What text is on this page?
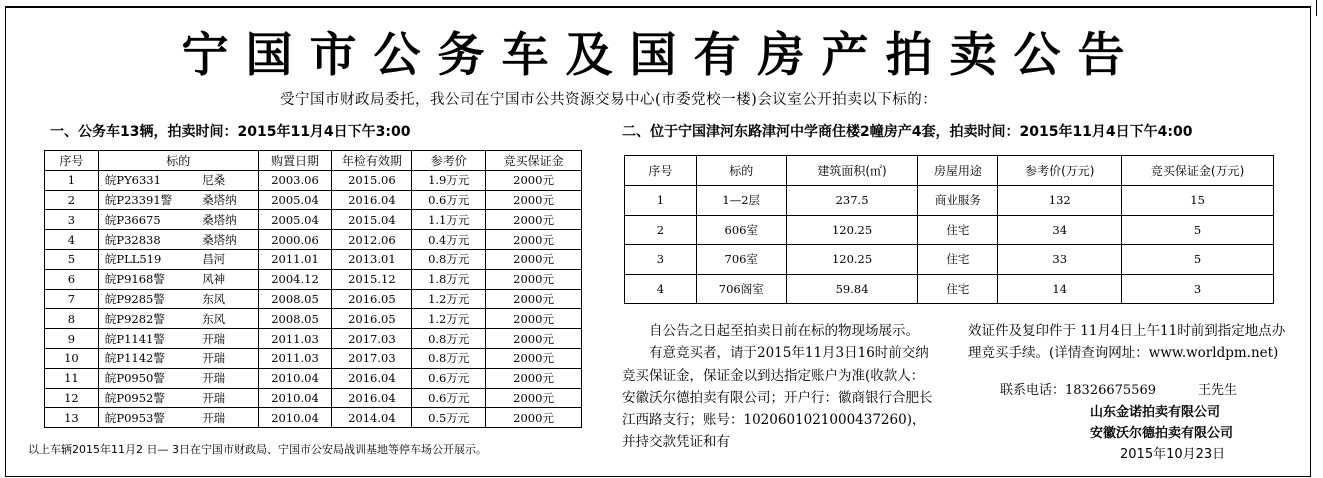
宁国市公务车及国有房产拍卖公告
受宁国市财政局委托，我公司在宁国市公共资源交易中心(市委党校一楼)会议室公开拍卖以下标的：
一、公务车13辆，拍卖时间：2015年11月4日下午3:00	二、位于宁国津河东路津河中学商住楼2幢房产4套，拍卖时间：2015年11月4日下午4:00
序号	标的		购置日期	年检有效期	参考价	竞买保证金
1	皖PY6331	尼桑	2003.06	2015.06	1.9万元	2000元
2	皖P23391警	桑塔纳	2005.04	2016.04	0.6万元	2000元
3	皖P36675	桑塔纳	2005.04	2015.04	1.1万元	2000元
4	皖P32838	桑塔纳	2000.06	2012.06	0.4万元	2000元
5	皖PLL519	昌河	2011.01	2013.01	0.8万元	2000元
6	皖P9168警	风神	2004.12	2015.12	1.8万元	2000元
7	皖P9285警	东风	2008.05	2016.05	1.2万元	2000元
8	皖P9282警	东风	2008.05	2016.05	1.2万元	2000元
9	皖P1141警	开瑞	2011.03	2017.03	0.8万元	2000元
10	皖P1142警	开瑞	2011.03	2017.03	0.8万元	2000元
11	皖P0950警	开瑞	2010.04	2016.04	0.6万元	2000元
12	皖P0952警	开瑞	2010.04	2016.04	0.6万元	2000元
13	皖P0953警	开瑞	2010.04	2014.04	0.5万元	2000元
以上车辆2015年11月2 日— 3日在宁国市财政局、宁国市公安局战训基地等停车场公开展示。
序号	标的	建筑面积(㎡)	房屋用途	参考价(万元)	竞买保证金(万元)
1	1—2层	237.5	商业服务	132	15
2	606室	120.25	住宅	34	5
3	706室	120.25	住宅	33	5
4	706阁室	59.84	住宅	14	3
自公告之日起至拍卖日前在标的物现场展示。
有意竞买者，请于2015年11月3日16时前交纳竞买保证金，保证金以到达指定账户为准(收款人：安徽沃尔德拍卖有限公司；开户行：徽商银行合肥长江西路支行；账号：1020601021000437260)，并持交款凭证和有
效证件及复印件于 11月4日上午11时前到指定地点办理竞买手续。(详情查询网址：www.worldpm.net)
联系电话：18326675569	王先生
山东金诺拍卖有限公司
安徽沃尔德拍卖有限公司
2015年10月23日
